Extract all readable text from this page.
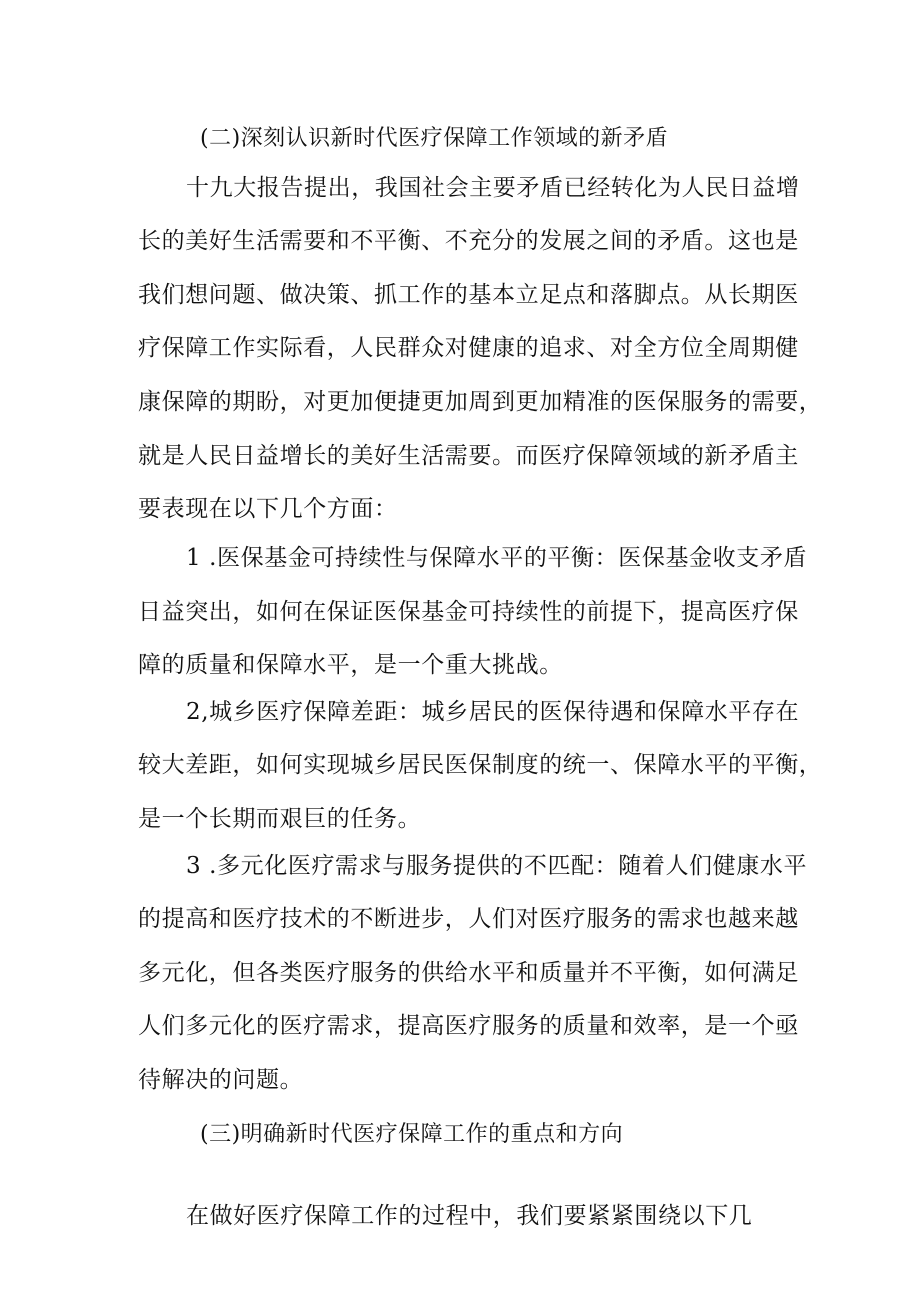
(二)深刻认识新时代医疗保障工作领域的新矛盾
十九大报告提出，我国社会主要矛盾已经转化为人民日益增
长的美好生活需要和不平衡、不充分的发展之间的矛盾。这也是
我们想问题、做决策、抓工作的基本立足点和落脚点。从长期医
疗保障工作实际看，人民群众对健康的追求、对全方位全周期健
康保障的期盼，对更加便捷更加周到更加精准的医保服务的需要，
就是人民日益增长的美好生活需要。而医疗保障领域的新矛盾主
要表现在以下几个方面：
1 .医保基金可持续性与保障水平的平衡：医保基金收支矛盾
日益突出，如何在保证医保基金可持续性的前提下，提高医疗保
障的质量和保障水平，是一个重大挑战。
2,城乡医疗保障差距：城乡居民的医保待遇和保障水平存在
较大差距，如何实现城乡居民医保制度的统一、保障水平的平衡，
是一个长期而艰巨的任务。
3 .多元化医疗需求与服务提供的不匹配：随着人们健康水平
的提高和医疗技术的不断进步，人们对医疗服务的需求也越来越
多元化，但各类医疗服务的供给水平和质量并不平衡，如何满足
人们多元化的医疗需求，提高医疗服务的质量和效率，是一个亟
待解决的问题。
(三)明确新时代医疗保障工作的重点和方向
在做好医疗保障工作的过程中，我们要紧紧围绕以下几
